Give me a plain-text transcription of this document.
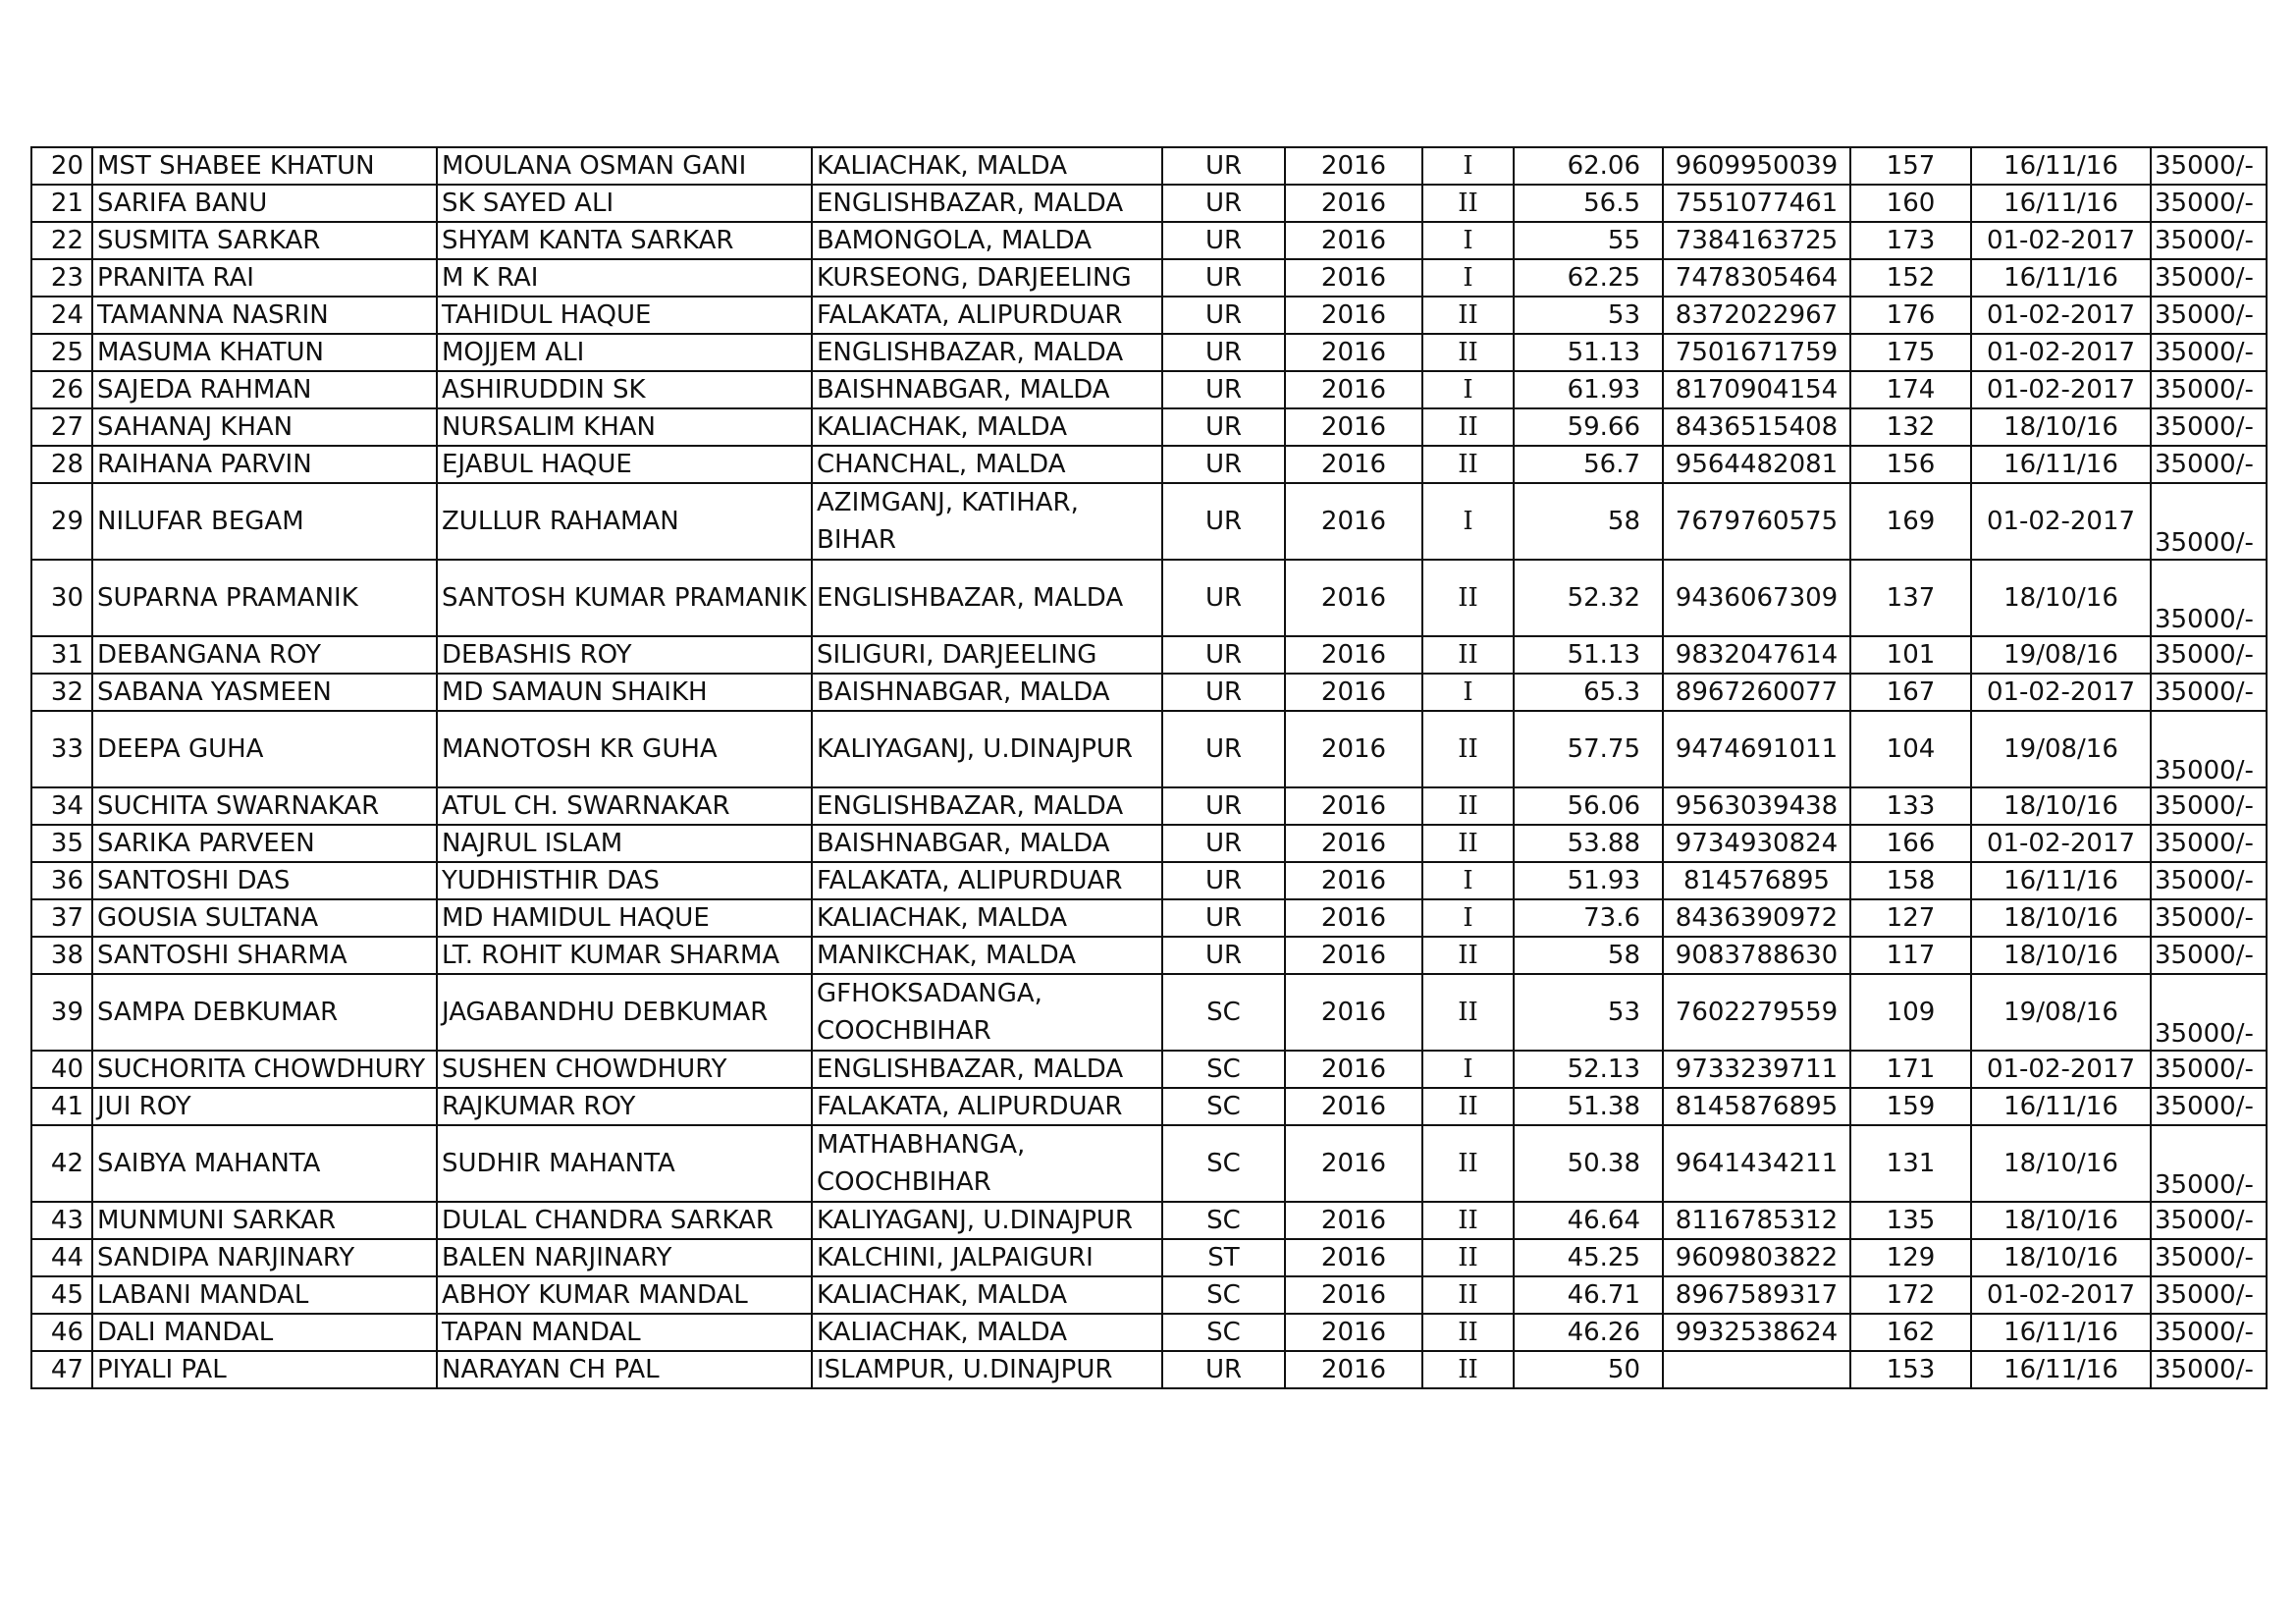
20	MST SHABEE KHATUN	MOULANA OSMAN GANI	KALIACHAK, MALDA	UR	2016	I	62.06	9609950039	157	16/11/16	35000/-
21	SARIFA BANU	SK SAYED ALI	ENGLISHBAZAR, MALDA	UR	2016	II	56.5	7551077461	160	16/11/16	35000/-
22	SUSMITA SARKAR	SHYAM KANTA SARKAR	BAMONGOLA, MALDA	UR	2016	I	55	7384163725	173	01-02-2017	35000/-
23	PRANITA RAI	M K RAI	KURSEONG, DARJEELING	UR	2016	I	62.25	7478305464	152	16/11/16	35000/-
24	TAMANNA NASRIN	TAHIDUL HAQUE	FALAKATA, ALIPURDUAR	UR	2016	II	53	8372022967	176	01-02-2017	35000/-
25	MASUMA KHATUN	MOJJEM ALI	ENGLISHBAZAR, MALDA	UR	2016	II	51.13	7501671759	175	01-02-2017	35000/-
26	SAJEDA RAHMAN	ASHIRUDDIN SK	BAISHNABGAR, MALDA	UR	2016	I	61.93	8170904154	174	01-02-2017	35000/-
27	SAHANAJ KHAN	NURSALIM KHAN	KALIACHAK, MALDA	UR	2016	II	59.66	8436515408	132	18/10/16	35000/-
28	RAIHANA PARVIN	EJABUL HAQUE	CHANCHAL, MALDA	UR	2016	II	56.7	9564482081	156	16/11/16	35000/-
29	NILUFAR BEGAM	ZULLUR RAHAMAN	AZIMGANJ, KATIHAR, BIHAR	UR	2016	I	58	7679760575	169	01-02-2017	35000/-
30	SUPARNA PRAMANIK	SANTOSH KUMAR PRAMANIK	ENGLISHBAZAR, MALDA	UR	2016	II	52.32	9436067309	137	18/10/16	35000/-
31	DEBANGANA ROY	DEBASHIS ROY	SILIGURI, DARJEELING	UR	2016	II	51.13	9832047614	101	19/08/16	35000/-
32	SABANA YASMEEN	MD SAMAUN SHAIKH	BAISHNABGAR, MALDA	UR	2016	I	65.3	8967260077	167	01-02-2017	35000/-
33	DEEPA GUHA	MANOTOSH KR GUHA	KALIYAGANJ, U.DINAJPUR	UR	2016	II	57.75	9474691011	104	19/08/16	35000/-
34	SUCHITA SWARNAKAR	ATUL CH. SWARNAKAR	ENGLISHBAZAR, MALDA	UR	2016	II	56.06	9563039438	133	18/10/16	35000/-
35	SARIKA PARVEEN	NAJRUL ISLAM	BAISHNABGAR, MALDA	UR	2016	II	53.88	9734930824	166	01-02-2017	35000/-
36	SANTOSHI DAS	YUDHISTHIR DAS	FALAKATA, ALIPURDUAR	UR	2016	I	51.93	814576895	158	16/11/16	35000/-
37	GOUSIA SULTANA	MD HAMIDUL HAQUE	KALIACHAK, MALDA	UR	2016	I	73.6	8436390972	127	18/10/16	35000/-
38	SANTOSHI SHARMA	LT. ROHIT KUMAR SHARMA	MANIKCHAK, MALDA	UR	2016	II	58	9083788630	117	18/10/16	35000/-
39	SAMPA DEBKUMAR	JAGABANDHU DEBKUMAR	GFHOKSADANGA, COOCHBIHAR	SC	2016	II	53	7602279559	109	19/08/16	35000/-
40	SUCHORITA CHOWDHURY	SUSHEN CHOWDHURY	ENGLISHBAZAR, MALDA	SC	2016	I	52.13	9733239711	171	01-02-2017	35000/-
41	JUI ROY	RAJKUMAR ROY	FALAKATA, ALIPURDUAR	SC	2016	II	51.38	8145876895	159	16/11/16	35000/-
42	SAIBYA MAHANTA	SUDHIR MAHANTA	MATHABHANGA, COOCHBIHAR	SC	2016	II	50.38	9641434211	131	18/10/16	35000/-
43	MUNMUNI SARKAR	DULAL CHANDRA SARKAR	KALIYAGANJ, U.DINAJPUR	SC	2016	II	46.64	8116785312	135	18/10/16	35000/-
44	SANDIPA NARJINARY	BALEN NARJINARY	KALCHINI, JALPAIGURI	ST	2016	II	45.25	9609803822	129	18/10/16	35000/-
45	LABANI MANDAL	ABHOY KUMAR MANDAL	KALIACHAK, MALDA	SC	2016	II	46.71	8967589317	172	01-02-2017	35000/-
46	DALI MANDAL	TAPAN MANDAL	KALIACHAK, MALDA	SC	2016	II	46.26	9932538624	162	16/11/16	35000/-
47	PIYALI PAL	NARAYAN CH PAL	ISLAMPUR, U.DINAJPUR	UR	2016	II	50		153	16/11/16	35000/-
